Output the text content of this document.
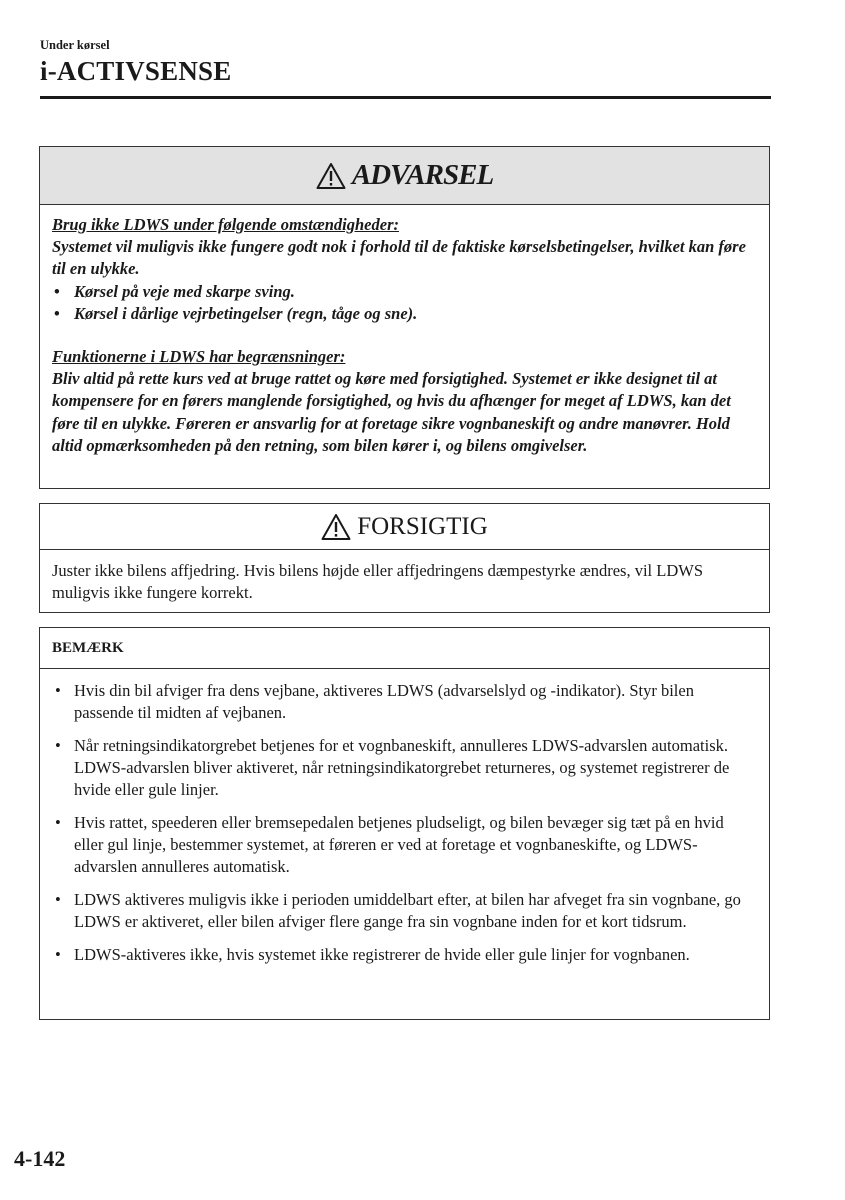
Under kørsel
i-ACTIVSENSE
ADVARSEL
Brug ikke LDWS under følgende omstændigheder:
Systemet vil muligvis ikke fungere godt nok i forhold til de faktiske kørselsbetingelser, hvilket kan føre til en ulykke.
• Kørsel på veje med skarpe sving.
• Kørsel i dårlige vejrbetingelser (regn, tåge og sne).
Funktionerne i LDWS har begrænsninger:
Bliv altid på rette kurs ved at bruge rattet og køre med forsigtighed. Systemet er ikke designet til at kompensere for en førers manglende forsigtighed, og hvis du afhænger for meget af LDWS, kan det føre til en ulykke. Føreren er ansvarlig for at foretage sikre vognbaneskift og andre manøvrer. Hold altid opmærksomheden på den retning, som bilen kører i, og bilens omgivelser.
FORSIGTIG
Juster ikke bilens affjedring. Hvis bilens højde eller affjedringens dæmpestyrke ændres, vil LDWS muligvis ikke fungere korrekt.
BEMÆRK
• Hvis din bil afviger fra dens vejbane, aktiveres LDWS (advarselslyd og -indikator). Styr bilen passende til midten af vejbanen.
• Når retningsindikatorgrebet betjenes for et vognbaneskift, annulleres LDWS-advarslen automatisk. LDWS-advarslen bliver aktiveret, når retningsindikatorgrebet returneres, og systemet registrerer de hvide eller gule linjer.
• Hvis rattet, speederen eller bremsepedalen betjenes pludseligt, og bilen bevæger sig tæt på en hvid eller gul linje, bestemmer systemet, at føreren er ved at foretage et vognbaneskifte, og LDWS-advarslen annulleres automatisk.
• LDWS aktiveres muligvis ikke i perioden umiddelbart efter, at bilen har afveget fra sin vognbane, go LDWS er aktiveret, eller bilen afviger flere gange fra sin vognbane inden for et kort tidsrum.
• LDWS-aktiveres ikke, hvis systemet ikke registrerer de hvide eller gule linjer for vognbanen.
4-142
